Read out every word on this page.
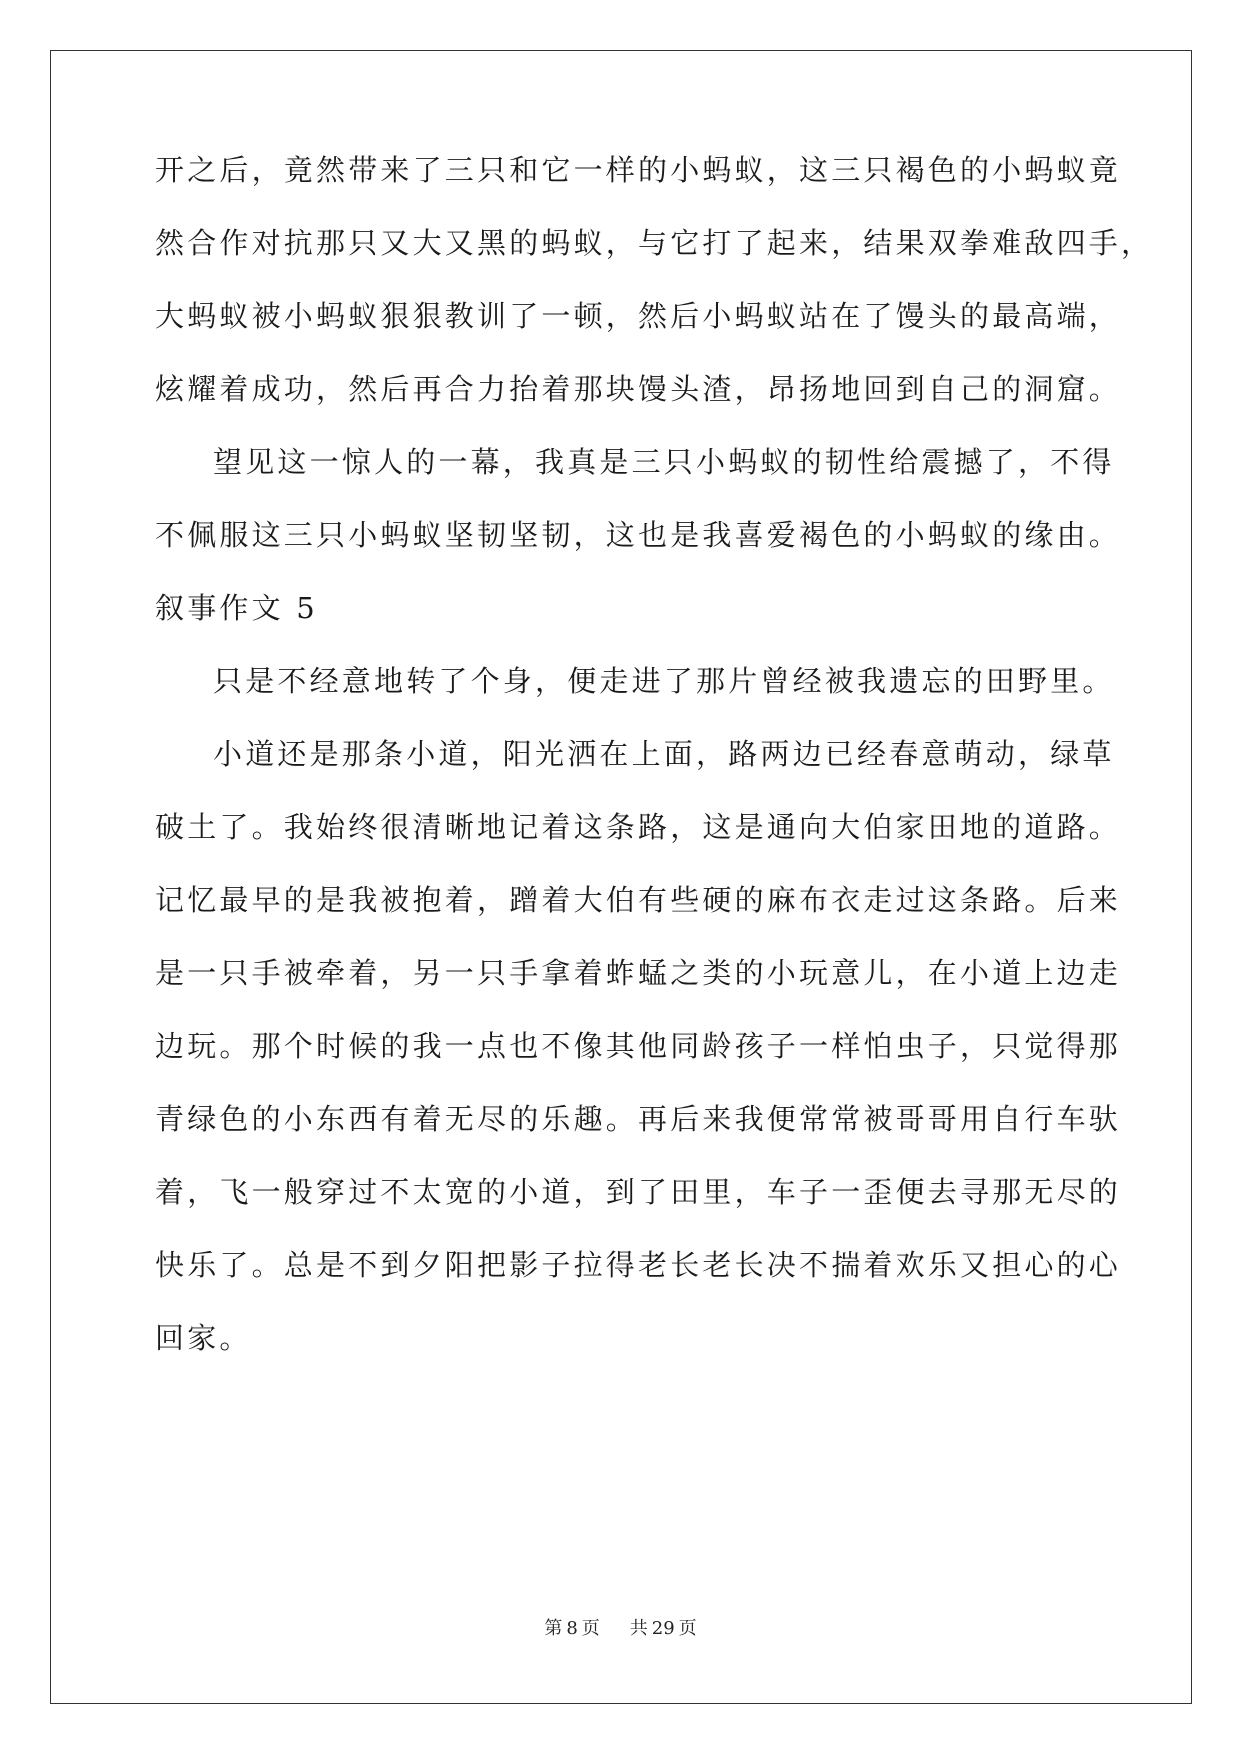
开之后，竟然带来了三只和它一样的小蚂蚁，这三只褐色的小蚂蚁竟
然合作对抗那只又大又黑的蚂蚁，与它打了起来，结果双拳难敌四手，
大蚂蚁被小蚂蚁狠狠教训了一顿，然后小蚂蚁站在了馒头的最高端，
炫耀着成功，然后再合力抬着那块馒头渣，昂扬地回到自己的洞窟。
望见这一惊人的一幕，我真是三只小蚂蚁的韧性给震撼了，不得
不佩服这三只小蚂蚁坚韧坚韧，这也是我喜爱褐色的小蚂蚁的缘由。
叙事作文 5
只是不经意地转了个身，便走进了那片曾经被我遗忘的田野里。
小道还是那条小道，阳光洒在上面，路两边已经春意萌动，绿草
破土了。我始终很清晰地记着这条路，这是通向大伯家田地的道路。
记忆最早的是我被抱着，蹭着大伯有些硬的麻布衣走过这条路。后来
是一只手被牵着，另一只手拿着蚱蜢之类的小玩意儿，在小道上边走
边玩。那个时候的我一点也不像其他同龄孩子一样怕虫子，只觉得那
青绿色的小东西有着无尽的乐趣。再后来我便常常被哥哥用自行车驮
着，飞一般穿过不太宽的小道，到了田里，车子一歪便去寻那无尽的
快乐了。总是不到夕阳把影子拉得老长老长决不揣着欢乐又担心的心
回家。
第 8 页 共 29 页
